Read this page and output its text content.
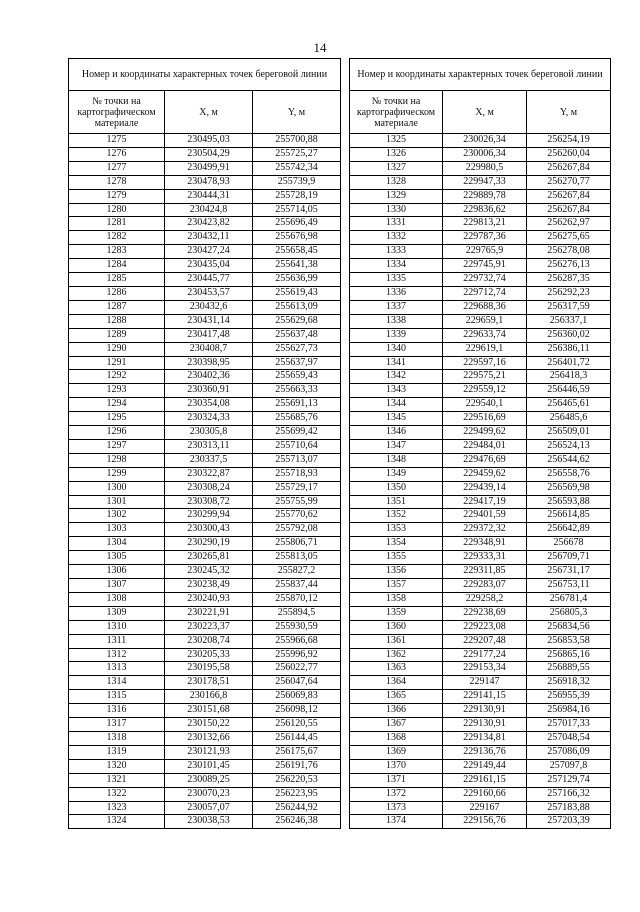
14
Номер и координаты характерных точек береговой линии		
№ точки на картографическом материале	X, м	Y, м
1275	230495,03	255700,88
1276	230504,29	255725,27
1277	230499,91	255742,34
1278	230478,93	255739,9
1279	230444,31	255728,19
1280	230424,8	255714,05
1281	230423,82	255696,49
1282	230432,11	255676,98
1283	230427,24	255658,45
1284	230435,04	255641,38
1285	230445,77	255636,99
1286	230453,57	255619,43
1287	230432,6	255613,09
1288	230431,14	255629,68
1289	230417,48	255637,48
1290	230408,7	255627,73
1291	230398,95	255637,97
1292	230402,36	255659,43
1293	230360,91	255663,33
1294	230354,08	255691,13
1295	230324,33	255685,76
1296	230305,8	255699,42
1297	230313,11	255710,64
1298	230337,5	255713,07
1299	230322,87	255718,93
1300	230308,24	255729,17
1301	230308,72	255755,99
1302	230299,94	255770,62
1303	230300,43	255792,08
1304	230290,19	255806,71
1305	230265,81	255813,05
1306	230245,32	255827,2
1307	230238,49	255837,44
1308	230240,93	255870,12
1309	230221,91	255894,5
1310	230223,37	255930,59
1311	230208,74	255966,68
1312	230205,33	255996,92
1313	230195,58	256022,77
1314	230178,51	256047,64
1315	230166,8	256069,83
1316	230151,68	256098,12
1317	230150,22	256120,55
1318	230132,66	256144,45
1319	230121,93	256175,67
1320	230101,45	256191,76
1321	230089,25	256220,53
1322	230070,23	256223,95
1323	230057,07	256244,92
1324	230038,53	256246,38
Номер и координаты характерных точек береговой линии		
№ точки на картографическом материале	X, м	Y, м
1325	230026,34	256254,19
1326	230006,34	256260,04
1327	229980,5	256267,84
1328	229947,33	256270,77
1329	229889,78	256267,84
1330	229836,62	256267,84
1331	229813,21	256262,97
1332	229787,36	256275,65
1333	229765,9	256278,08
1334	229745,91	256276,13
1335	229732,74	256287,35
1336	229712,74	256292,23
1337	229688,36	256317,59
1338	229659,1	256337,1
1339	229633,74	256360,02
1340	229619,1	256386,11
1341	229597,16	256401,72
1342	229575,21	256418,3
1343	229559,12	256446,59
1344	229540,1	256465,61
1345	229516,69	256485,6
1346	229499,62	256509,01
1347	229484,01	256524,13
1348	229476,69	256544,62
1349	229459,62	256558,76
1350	229439,14	256569,98
1351	229417,19	256593,88
1352	229401,59	256614,85
1353	229372,32	256642,89
1354	229348,91	256678
1355	229333,31	256709,71
1356	229311,85	256731,17
1357	229283,07	256753,11
1358	229258,2	256781,4
1359	229238,69	256805,3
1360	229223,08	256834,56
1361	229207,48	256853,58
1362	229177,24	256865,16
1363	229153,34	256889,55
1364	229147	256918,32
1365	229141,15	256955,39
1366	229130,91	256984,16
1367	229130,91	257017,33
1368	229134,81	257048,54
1369	229136,76	257086,09
1370	229149,44	257097,8
1371	229161,15	257129,74
1372	229160,66	257166,32
1373	229167	257183,88
1374	229156,76	257203,39
